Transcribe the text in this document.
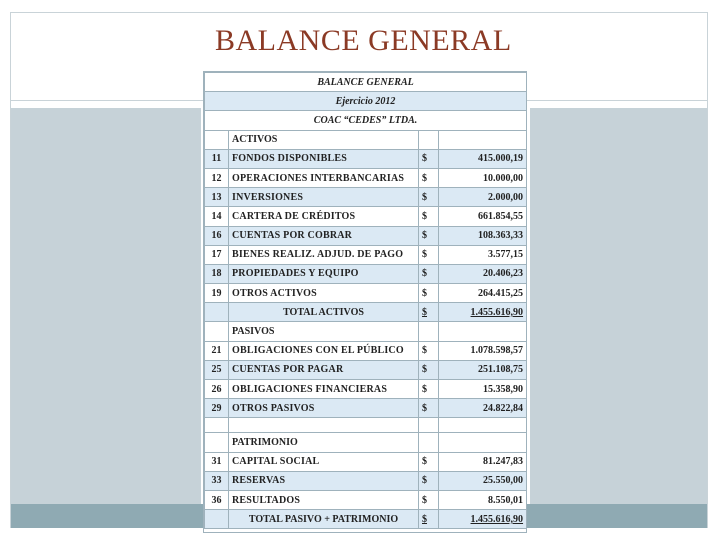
BALANCE GENERAL
BALANCE GENERAL			
Ejercicio 2012			
COAC “CEDES” LTDA.			
	ACTIVOS		
11	FONDOS DISPONIBLES	$	415.000,19
12	OPERACIONES INTERBANCARIAS	$	10.000,00
13	INVERSIONES	$	2.000,00
14	CARTERA DE CRÉDITOS	$	661.854,55
16	CUENTAS POR COBRAR	$	108.363,33
17	BIENES REALIZ. ADJUD. DE PAGO	$	3.577,15
18	PROPIEDADES Y EQUIPO	$	20.406,23
19	OTROS ACTIVOS	$	264.415,25
	TOTAL ACTIVOS	$	1.455.616,90
	PASIVOS		
21	OBLIGACIONES CON EL PÚBLICO	$	1.078.598,57
25	CUENTAS POR PAGAR	$	251.108,75
26	OBLIGACIONES FINANCIERAS	$	15.358,90
29	OTROS PASIVOS	$	24.822,84

	PATRIMONIO		
31	CAPITAL SOCIAL	$	81.247,83
33	RESERVAS	$	25.550,00
36	RESULTADOS	$	8.550,01
	TOTAL PASIVO + PATRIMONIO	$	1.455.616,90
